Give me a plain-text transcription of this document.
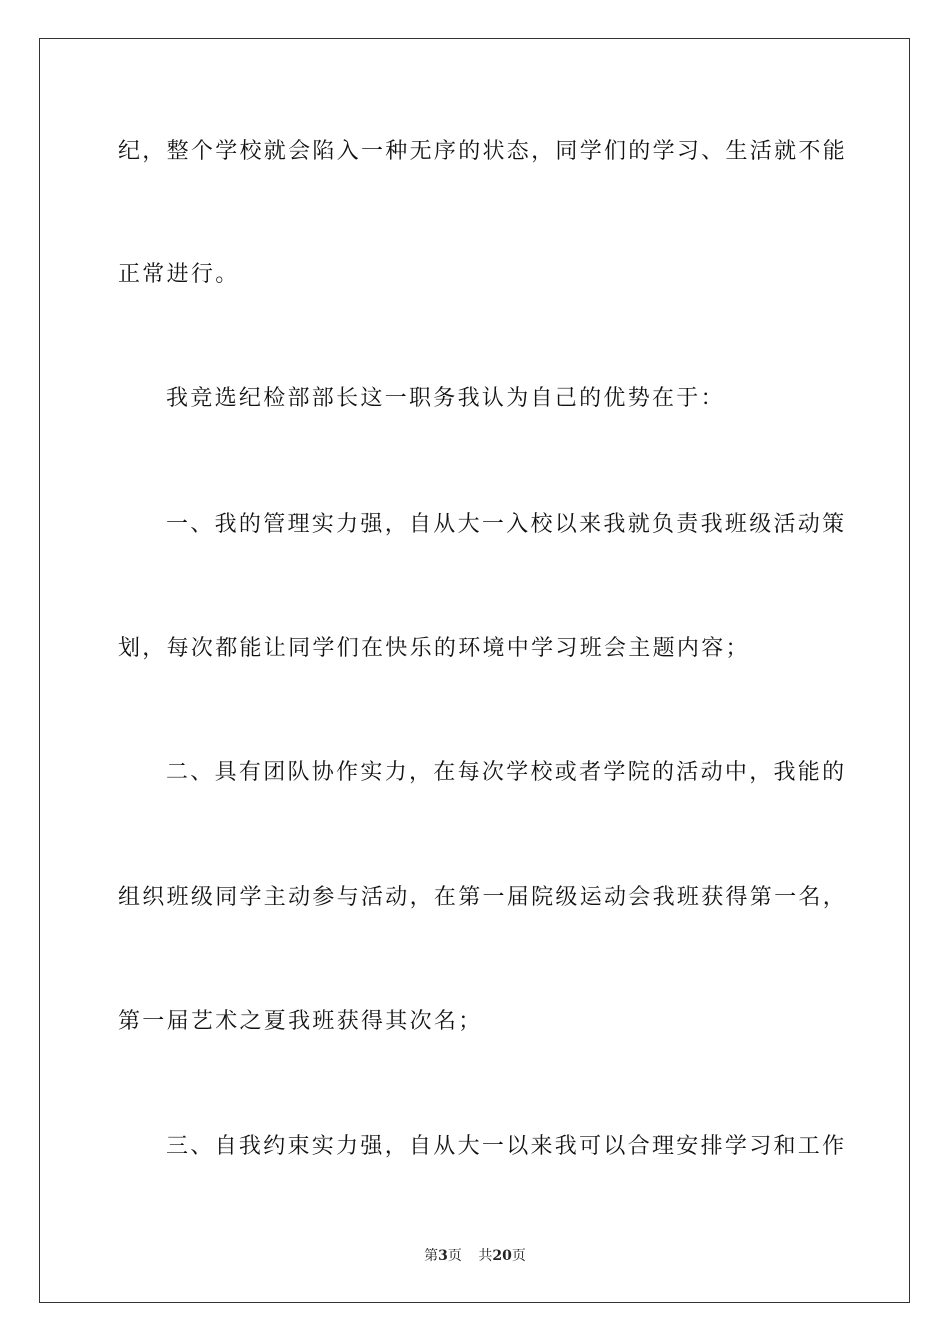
纪，整个学校就会陷入一种无序的状态，同学们的学习、生活就不能
正常进行。
我竞选纪检部部长这一职务我认为自己的优势在于：
一、我的管理实力强，自从大一入校以来我就负责我班级活动策
划，每次都能让同学们在快乐的环境中学习班会主题内容；
二、具有团队协作实力，在每次学校或者学院的活动中，我能的
组织班级同学主动参与活动，在第一届院级运动会我班获得第一名，
第一届艺术之夏我班获得其次名；
三、自我约束实力强，自从大一以来我可以合理安排学习和工作
第3页 共20页
